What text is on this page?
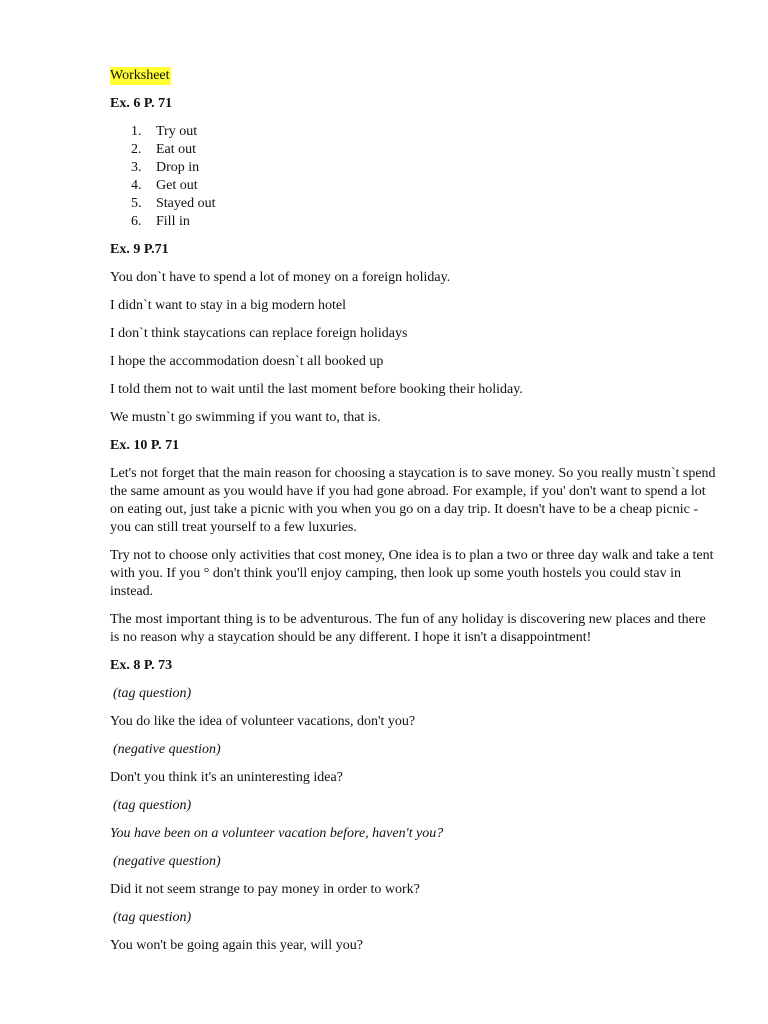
Worksheet
Ex. 6 P. 71
1. Try out
2. Eat out
3. Drop in
4. Get out
5. Stayed out
6. Fill in
Ex. 9 P.71

You don`t have to spend a lot of money on a foreign holiday.

I didn`t want to stay in a big modern hotel

I don`t think staycations can replace foreign holidays

I hope the accommodation doesn`t all booked up

I told them not to wait until the last moment before booking their holiday.

We mustn`t go swimming if you want to, that is.

Ex. 10 P. 71

Let's not forget that the main reason for choosing a staycation is to save money. So you really mustn`t spend the same amount as you would have if you had gone abroad. For example, if you' don't want to spend a lot on eating out, just take a picnic with you when you go on a day trip. It doesn't have to be a cheap picnic - you can still treat yourself to a few luxuries.

Try not to choose only activities that cost money, One idea is to plan a two or three day walk and take a tent with you. If you ° don't think you'll enjoy camping, then look up some youth hostels you could stav in instead.

The most important thing is to be adventurous. The fun of any holiday is discovering new places and there is no reason why a staycation should be any different. I hope it isn't a disappointment!

Ex. 8 P. 73

(tag question)

You do like the idea of volunteer vacations, don't you?

(negative question)

Don't you think it's an uninteresting idea?

(tag question)

You have been on a volunteer vacation before, haven't you?

(negative question)

Did it not seem strange to pay money in order to work?

(tag question)

You won't be going again this year, will you?
